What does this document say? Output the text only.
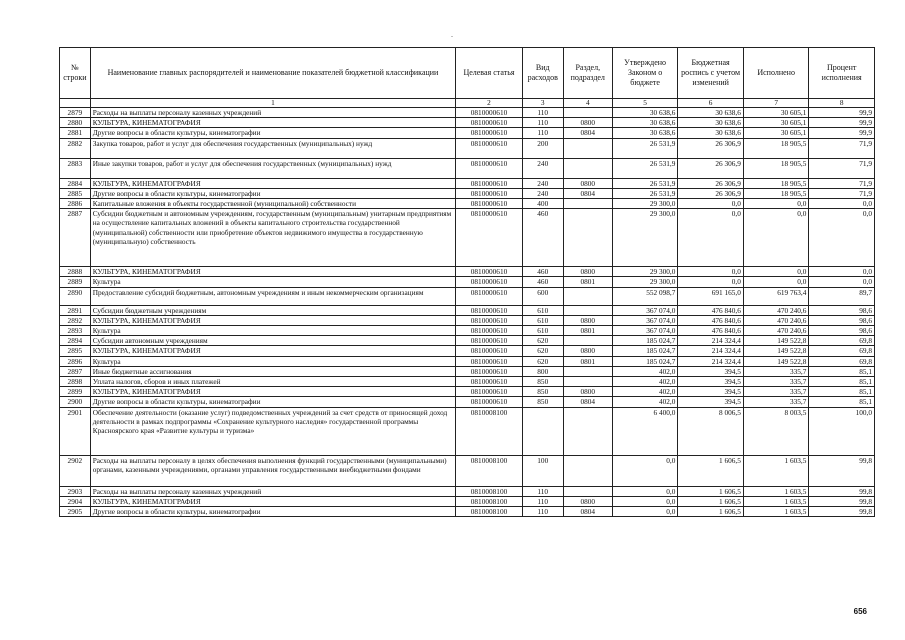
-
№ строки	Наименование главных распорядителей и наименование показателей бюджетной классификации	Целевая статья	Вид расходов	Раздел, подраздел	Утверждено Законом о бюджете	Бюджетная роспись с учетом изменений	Исполнено	Процент исполнения
	1	2	3	4	5	6	7	8
2879	Расходы на выплаты персоналу казенных учреждений	0810000610	110		30 638,6	30 638,6	30 605,1	99,9
2880	КУЛЬТУРА, КИНЕМАТОГРАФИЯ	0810000610	110	0800	30 638,6	30 638,6	30 605,1	99,9
2881	Другие вопросы в области культуры, кинематографии	0810000610	110	0804	30 638,6	30 638,6	30 605,1	99,9
2882	Закупка товаров, работ и услуг для обеспечения государственных (муниципальных) нужд	0810000610	200		26 531,9	26 306,9	18 905,5	71,9
2883	Иные закупки товаров, работ и услуг для обеспечения государственных (муниципальных) нужд	0810000610	240		26 531,9	26 306,9	18 905,5	71,9
2884	КУЛЬТУРА, КИНЕМАТОГРАФИЯ	0810000610	240	0800	26 531,9	26 306,9	18 905,5	71,9
2885	Другие вопросы в области культуры, кинематографии	0810000610	240	0804	26 531,9	26 306,9	18 905,5	71,9
2886	Капитальные вложения в объекты государственной (муниципальной) собственности	0810000610	400		29 300,0	0,0	0,0	0,0
2887	Субсидии бюджетным и автономным учреждениям, государственным (муниципальным) унитарным предприятиям на осуществление капитальных вложений в объекты капитального строительства государственной (муниципальной) собственности или приобретение объектов недвижимого имущества в государственную (муниципальную) собственность	0810000610	460		29 300,0	0,0	0,0	0,0
2888	КУЛЬТУРА, КИНЕМАТОГРАФИЯ	0810000610	460	0800	29 300,0	0,0	0,0	0,0
2889	Культура	0810000610	460	0801	29 300,0	0,0	0,0	0,0
2890	Предоставление субсидий бюджетным, автономным учреждениям и иным некоммерческим организациям	0810000610	600		552 098,7	691 165,0	619 763,4	89,7
2891	Субсидии бюджетным учреждениям	0810000610	610		367 074,0	476 840,6	470 240,6	98,6
2892	КУЛЬТУРА, КИНЕМАТОГРАФИЯ	0810000610	610	0800	367 074,0	476 840,6	470 240,6	98,6
2893	Культура	0810000610	610	0801	367 074,0	476 840,6	470 240,6	98,6
2894	Субсидии автономным учреждениям	0810000610	620		185 024,7	214 324,4	149 522,8	69,8
2895	КУЛЬТУРА, КИНЕМАТОГРАФИЯ	0810000610	620	0800	185 024,7	214 324,4	149 522,8	69,8
2896	Культура	0810000610	620	0801	185 024,7	214 324,4	149 522,8	69,8
2897	Иные бюджетные ассигнования	0810000610	800		402,0	394,5	335,7	85,1
2898	Уплата налогов, сборов и иных платежей	0810000610	850		402,0	394,5	335,7	85,1
2899	КУЛЬТУРА, КИНЕМАТОГРАФИЯ	0810000610	850	0800	402,0	394,5	335,7	85,1
2900	Другие вопросы в области культуры, кинематографии	0810000610	850	0804	402,0	394,5	335,7	85,1
2901	Обеспечение деятельности (оказание услуг) подведомственных учреждений за счет средств от приносящей доход деятельности в рамках подпрограммы «Сохранение культурного наследия» государственной программы Красноярского края «Развитие культуры и туризма»	0810008100			6 400,0	8 006,5	8 003,5	100,0
2902	Расходы на выплаты персоналу в целях обеспечения выполнения функций государственными (муниципальными) органами, казенными учреждениями, органами управления государственными внебюджетными фондами	0810008100	100		0,0	1 606,5	1 603,5	99,8
2903	Расходы на выплаты персоналу казенных учреждений	0810008100	110		0,0	1 606,5	1 603,5	99,8
2904	КУЛЬТУРА, КИНЕМАТОГРАФИЯ	0810008100	110	0800	0,0	1 606,5	1 603,5	99,8
2905	Другие вопросы в области культуры, кинематографии	0810008100	110	0804	0,0	1 606,5	1 603,5	99,8
656
